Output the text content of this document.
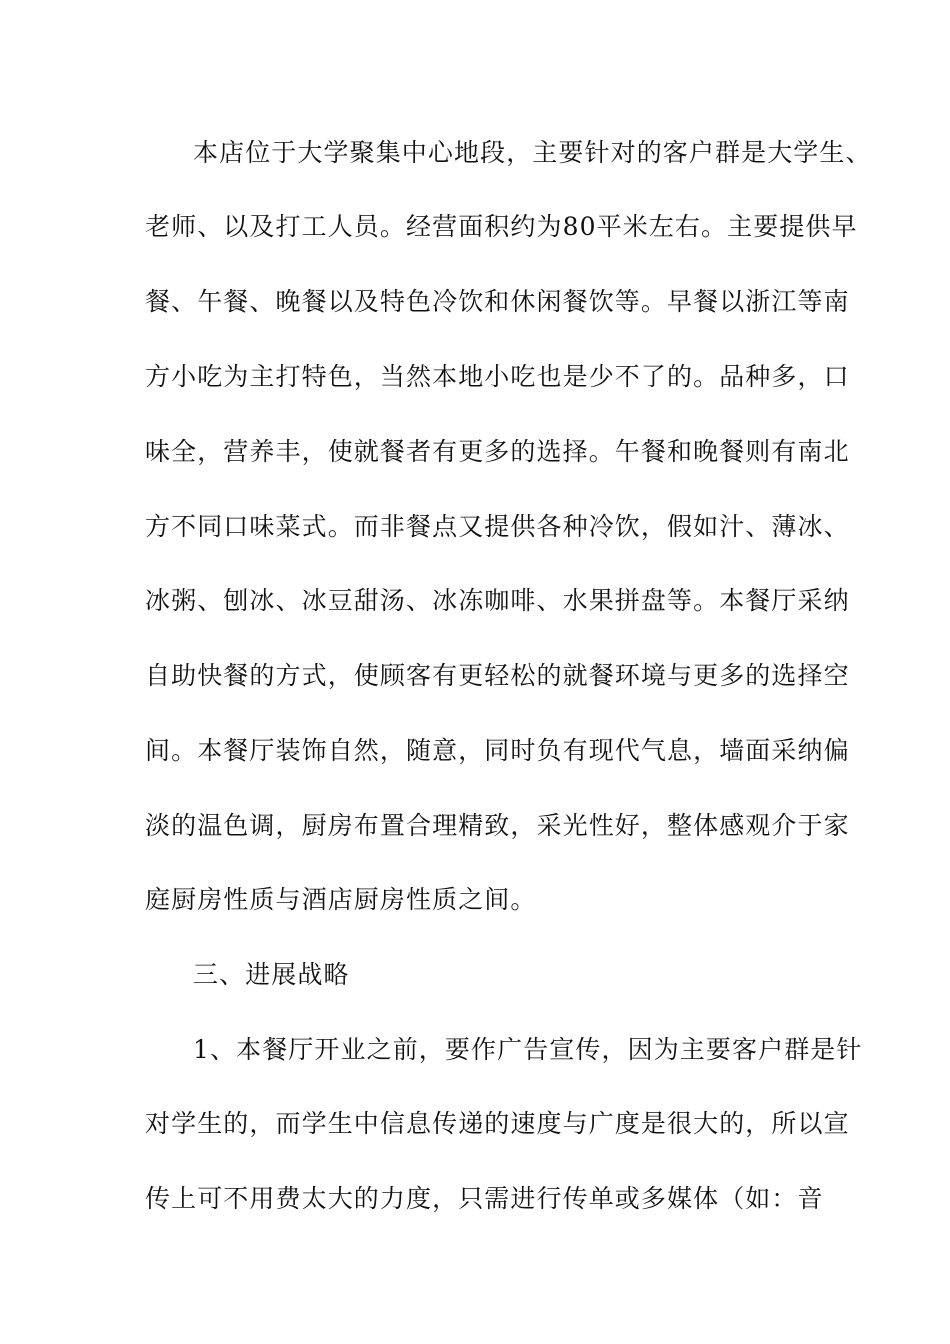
本店位于大学聚集中心地段，主要针对的客户群是大学生、
老师、以及打工人员。经营面积约为80平米左右。主要提供早
餐、午餐、晚餐以及特色冷饮和休闲餐饮等。早餐以浙江等南
方小吃为主打特色，当然本地小吃也是少不了的。品种多，口
味全，营养丰，使就餐者有更多的选择。午餐和晚餐则有南北
方不同口味菜式。而非餐点又提供各种冷饮，假如汁、薄冰、
冰粥、刨冰、冰豆甜汤、冰冻咖啡、水果拼盘等。本餐厅采纳
自助快餐的方式，使顾客有更轻松的就餐环境与更多的选择空
间。本餐厅装饰自然，随意，同时负有现代气息，墙面采纳偏
淡的温色调，厨房布置合理精致，采光性好，整体感观介于家
庭厨房性质与酒店厨房性质之间。
三、进展战略
1、本餐厅开业之前，要作广告宣传，因为主要客户群是针
对学生的，而学生中信息传递的速度与广度是很大的，所以宣
传上可不用费太大的力度，只需进行传单或多媒体（如：音
